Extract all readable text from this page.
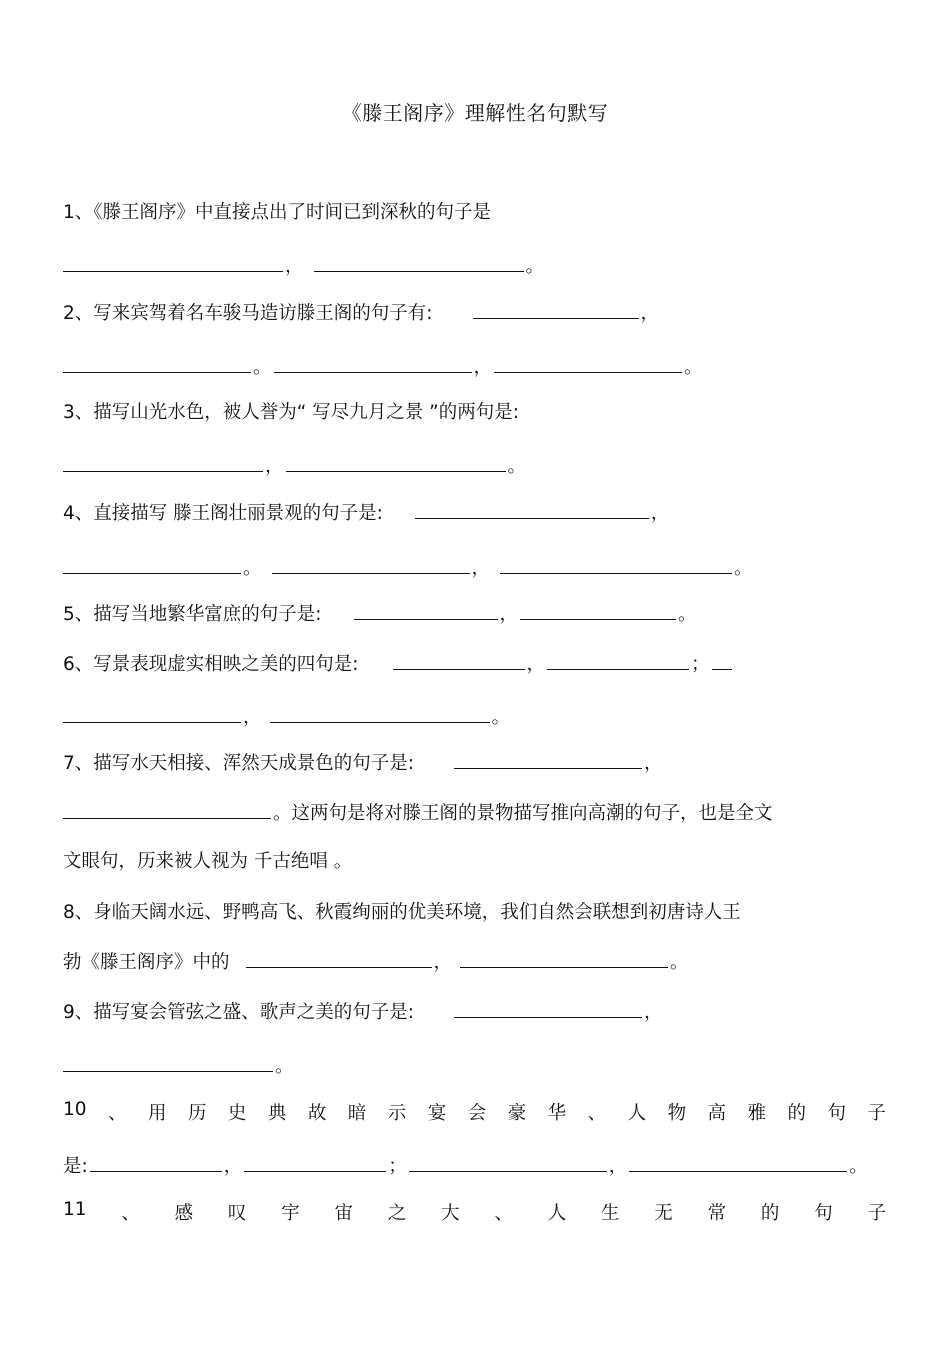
《滕王阁序》理解性名句默写
1、《滕王阁序》中直接点出了时间已到深秋的句子是
，	。
2、写来宾驾着名车骏马造访滕王阁的句子有:	，
。	，	。
3、描写山光水色，被人誉为“ 写尽九月之景 ”的两句是:
，	。
4、直接描写 滕王阁壮丽景观的句子是:	，
。	，	。
5、描写当地繁华富庶的句子是:	，	。
6、写景表现虚实相映之美的四句是:	，	；
，	。
7、描写水天相接、浑然天成景色的句子是:	，
。这两句是将对滕王阁的景物描写推向高潮的句子，也是全文
文眼句，历来被人视为 千古绝唱 。
8、身临天阔水远、野鸭高飞、秋霞绚丽的优美环境，我们自然会联想到初唐诗人王
勃《滕王阁序》中的	，	。
9、描写宴会管弦之盛、歌声之美的句子是:	，
。
10 、 用 历 史 典 故 暗 示 宴 会 豪 华 、 人 物 高 雅 的 句 子
是:	，	；	，	。
11 、 感 叹 宇 宙 之 大 、 人 生 无 常 的 句 子
